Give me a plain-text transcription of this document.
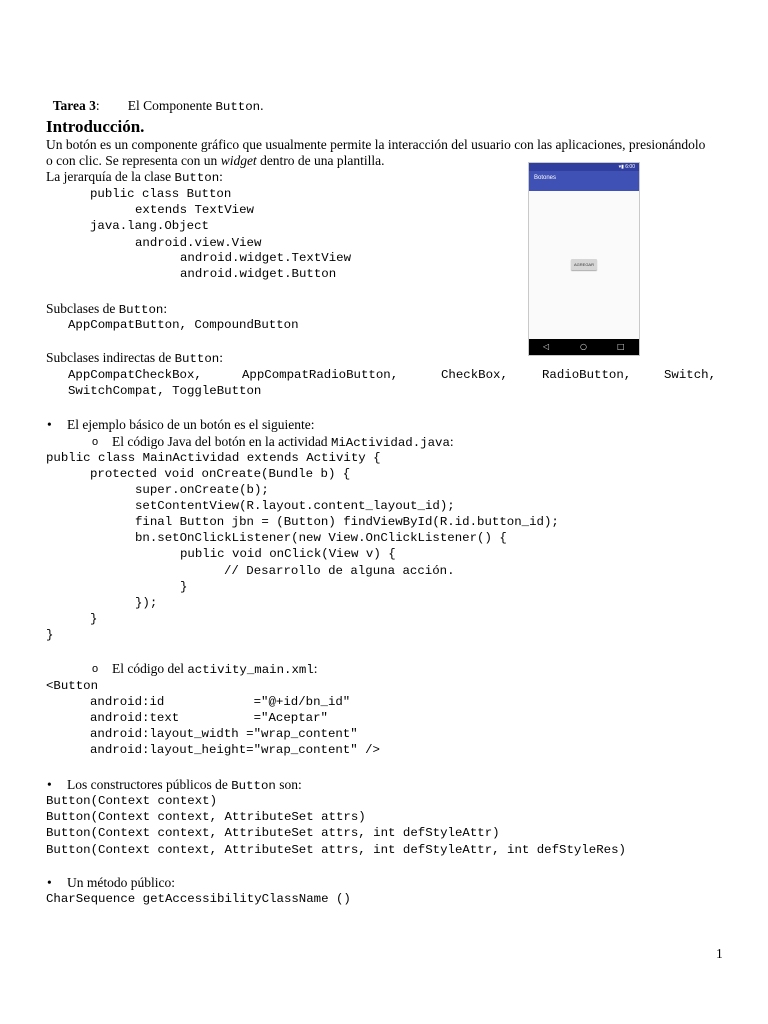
Tarea 3:	El Componente Button.

Introducción.
Un botón es un componente gráfico que usualmente permite la interacción del usuario con las aplicaciones, presionándolo
o con clic. Se representa con un widget dentro de una plantilla.
La jerarquía de la clase Button:
public class Button
extends TextView
java.lang.Object
android.view.View
android.widget.TextView
android.widget.Button
▾▮ 6:00
Botones
AGREGAR
◁	○	□
Subclases de Button:
AppCompatButton, CompoundButton
Subclases indirectas de Button:
AppCompatCheckBox,	AppCompatRadioButton,	CheckBox,	RadioButton,	Switch,
SwitchCompat, ToggleButton
• El ejemplo básico de un botón es el siguiente:
o El código Java del botón en la actividad MiActividad.java:
public class MainActividad extends Activity {
protected void onCreate(Bundle b) {
super.onCreate(b);
setContentView(R.layout.content_layout_id);
final Button jbn = (Button) findViewById(R.id.button_id);
bn.setOnClickListener(new View.OnClickListener() {
public void onClick(View v) {
// Desarrollo de alguna acción.
}
});
}
}
o El código del activity_main.xml:
<Button
android:id            ="@+id/bn_id"
android:text          ="Aceptar"
android:layout_width ="wrap_content"
android:layout_height="wrap_content" />
• Los constructores públicos de Button son:
Button(Context context)
Button(Context context, AttributeSet attrs)
Button(Context context, AttributeSet attrs, int defStyleAttr)
Button(Context context, AttributeSet attrs, int defStyleAttr, int defStyleRes)
• Un método público:
CharSequence getAccessibilityClassName ()
1
